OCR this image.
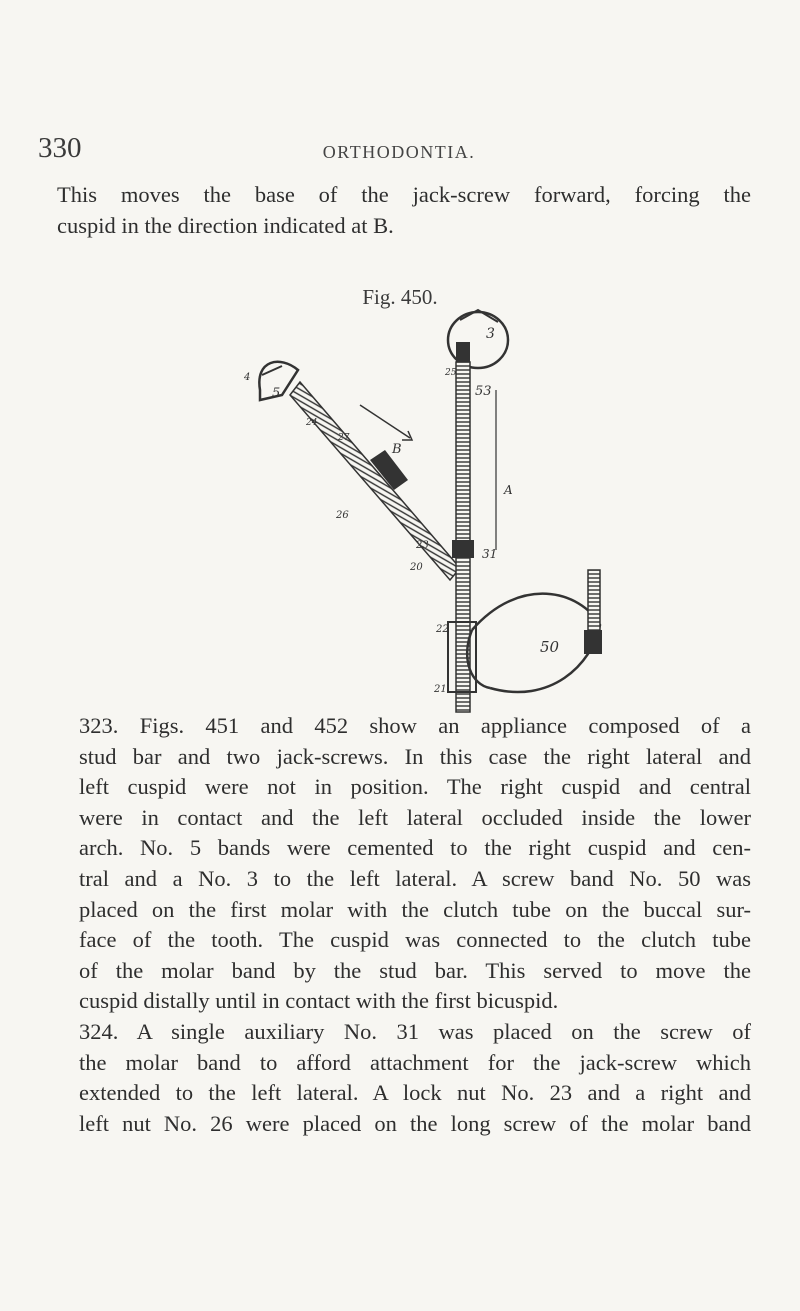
330	ORTHODONTIA.

This moves the base of the jack-screw forward, forcing the
cuspid in the direction indicated at B.

Fig. 450.
3
5
4
B
26
23
20
24
27
53
A
31
50
22
21
25

323. Figs. 451 and 452 show an appliance composed of a
stud bar and two jack-screws. In this case the right lateral and
left cuspid were not in position. The right cuspid and central
were in contact and the left lateral occluded inside the lower
arch. No. 5 bands were cemented to the right cuspid and cen-
tral and a No. 3 to the left lateral. A screw band No. 50 was
placed on the first molar with the clutch tube on the buccal sur-
face of the tooth. The cuspid was connected to the clutch tube
of the molar band by the stud bar. This served to move the
cuspid distally until in contact with the first bicuspid.

324. A single auxiliary No. 31 was placed on the screw of
the molar band to afford attachment for the jack-screw which
extended to the left lateral. A lock nut No. 23 and a right and
left nut No. 26 were placed on the long screw of the molar band
